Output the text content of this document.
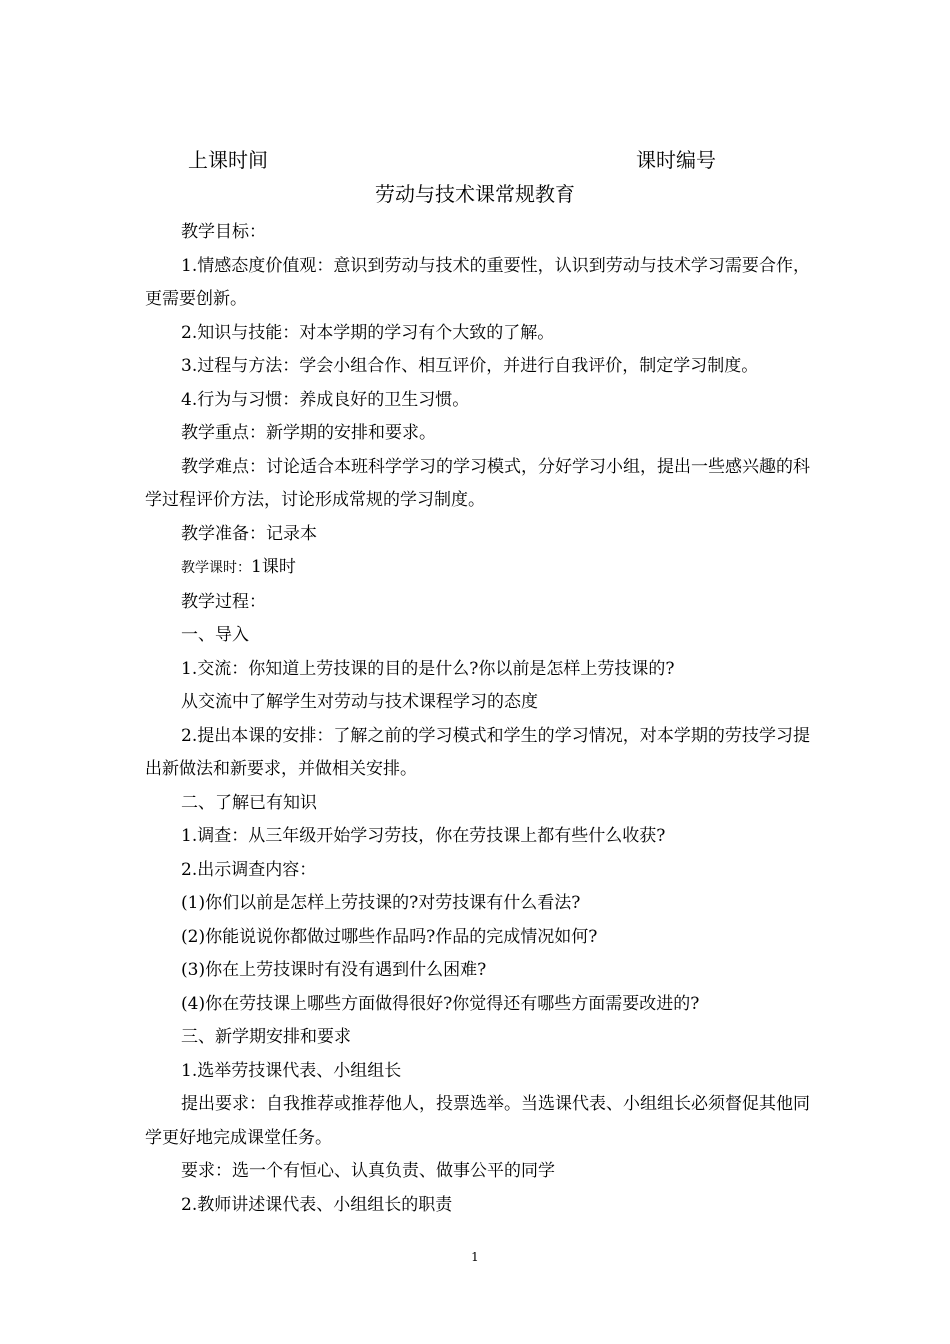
上课时间	课时编号
劳动与技术课常规教育

教学目标：

1.情感态度价值观：意识到劳动与技术的重要性，认识到劳动与技术学习需要合作，更需要创新。

2.知识与技能：对本学期的学习有个大致的了解。

3.过程与方法：学会小组合作、相互评价，并进行自我评价，制定学习制度。

4.行为与习惯：养成良好的卫生习惯。

教学重点：新学期的安排和要求。

教学难点：讨论适合本班科学学习的学习模式，分好学习小组，提出一些感兴趣的科学过程评价方法，讨论形成常规的学习制度。

教学准备：记录本

教学课时：1课时

教学过程：

一、导入

1.交流：你知道上劳技课的目的是什么?你以前是怎样上劳技课的?

从交流中了解学生对劳动与技术课程学习的态度

2.提出本课的安排：了解之前的学习模式和学生的学习情况，对本学期的劳技学习提出新做法和新要求，并做相关安排。

二、了解已有知识

1.调查：从三年级开始学习劳技，你在劳技课上都有些什么收获?

2.出示调查内容：

(1)你们以前是怎样上劳技课的?对劳技课有什么看法?

(2)你能说说你都做过哪些作品吗?作品的完成情况如何?

(3)你在上劳技课时有没有遇到什么困难?

(4)你在劳技课上哪些方面做得很好?你觉得还有哪些方面需要改进的?

三、新学期安排和要求

1.选举劳技课代表、小组组长

提出要求：自我推荐或推荐他人，投票选举。当选课代表、小组组长必须督促其他同学更好地完成课堂任务。

要求：选一个有恒心、认真负责、做事公平的同学

2.教师讲述课代表、小组组长的职责

1
